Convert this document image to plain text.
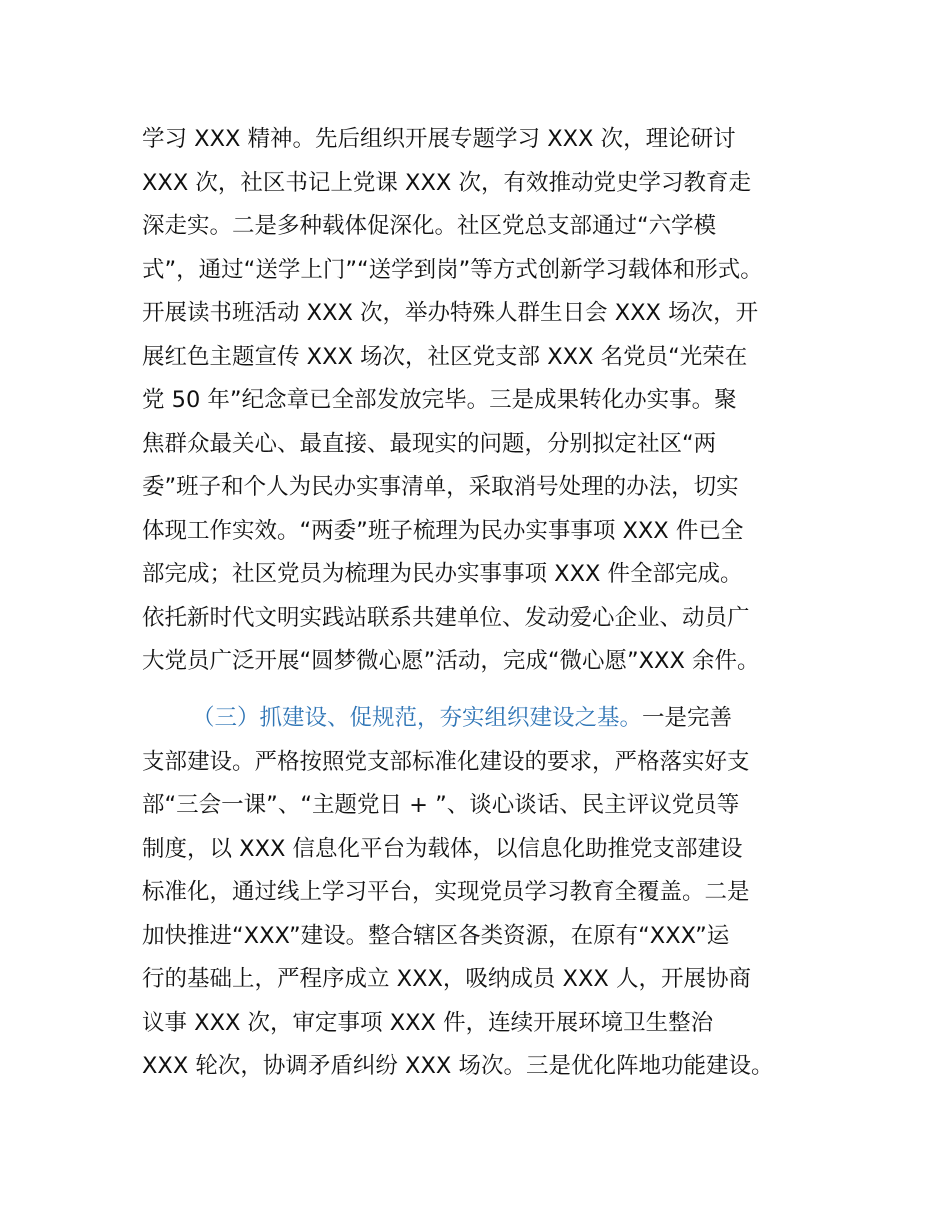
学习 XXX 精神。先后组织开展专题学习 XXX 次，理论研讨
XXX 次，社区书记上党课 XXX 次，有效推动党史学习教育走
深走实。二是多种载体促深化。社区党总支部通过“六学模
式”，通过“送学上门”“送学到岗”等方式创新学习载体和形式。
开展读书班活动 XXX 次，举办特殊人群生日会 XXX 场次，开
展红色主题宣传 XXX 场次，社区党支部 XXX 名党员“光荣在
党 50 年”纪念章已全部发放完毕。三是成果转化办实事。聚
焦群众最关心、最直接、最现实的问题，分别拟定社区“两
委”班子和个人为民办实事清单，采取消号处理的办法，切实
体现工作实效。“两委”班子梳理为民办实事事项 XXX 件已全
部完成；社区党员为梳理为民办实事事项 XXX 件全部完成。
依托新时代文明实践站联系共建单位、发动爱心企业、动员广
大党员广泛开展“圆梦微心愿”活动，完成“微心愿”XXX 余件。
（三）抓建设、促规范，夯实组织建设之基。一是完善
支部建设。严格按照党支部标准化建设的要求，严格落实好支
部“三会一课”、“主题党日 + ”、谈心谈话、民主评议党员等
制度，以 XXX 信息化平台为载体，以信息化助推党支部建设
标准化，通过线上学习平台，实现党员学习教育全覆盖。二是
加快推进“XXX”建设。整合辖区各类资源，在原有“XXX”运
行的基础上，严程序成立 XXX，吸纳成员 XXX 人，开展协商
议事 XXX 次，审定事项 XXX 件，连续开展环境卫生整治
XXX 轮次，协调矛盾纠纷 XXX 场次。三是优化阵地功能建设。
